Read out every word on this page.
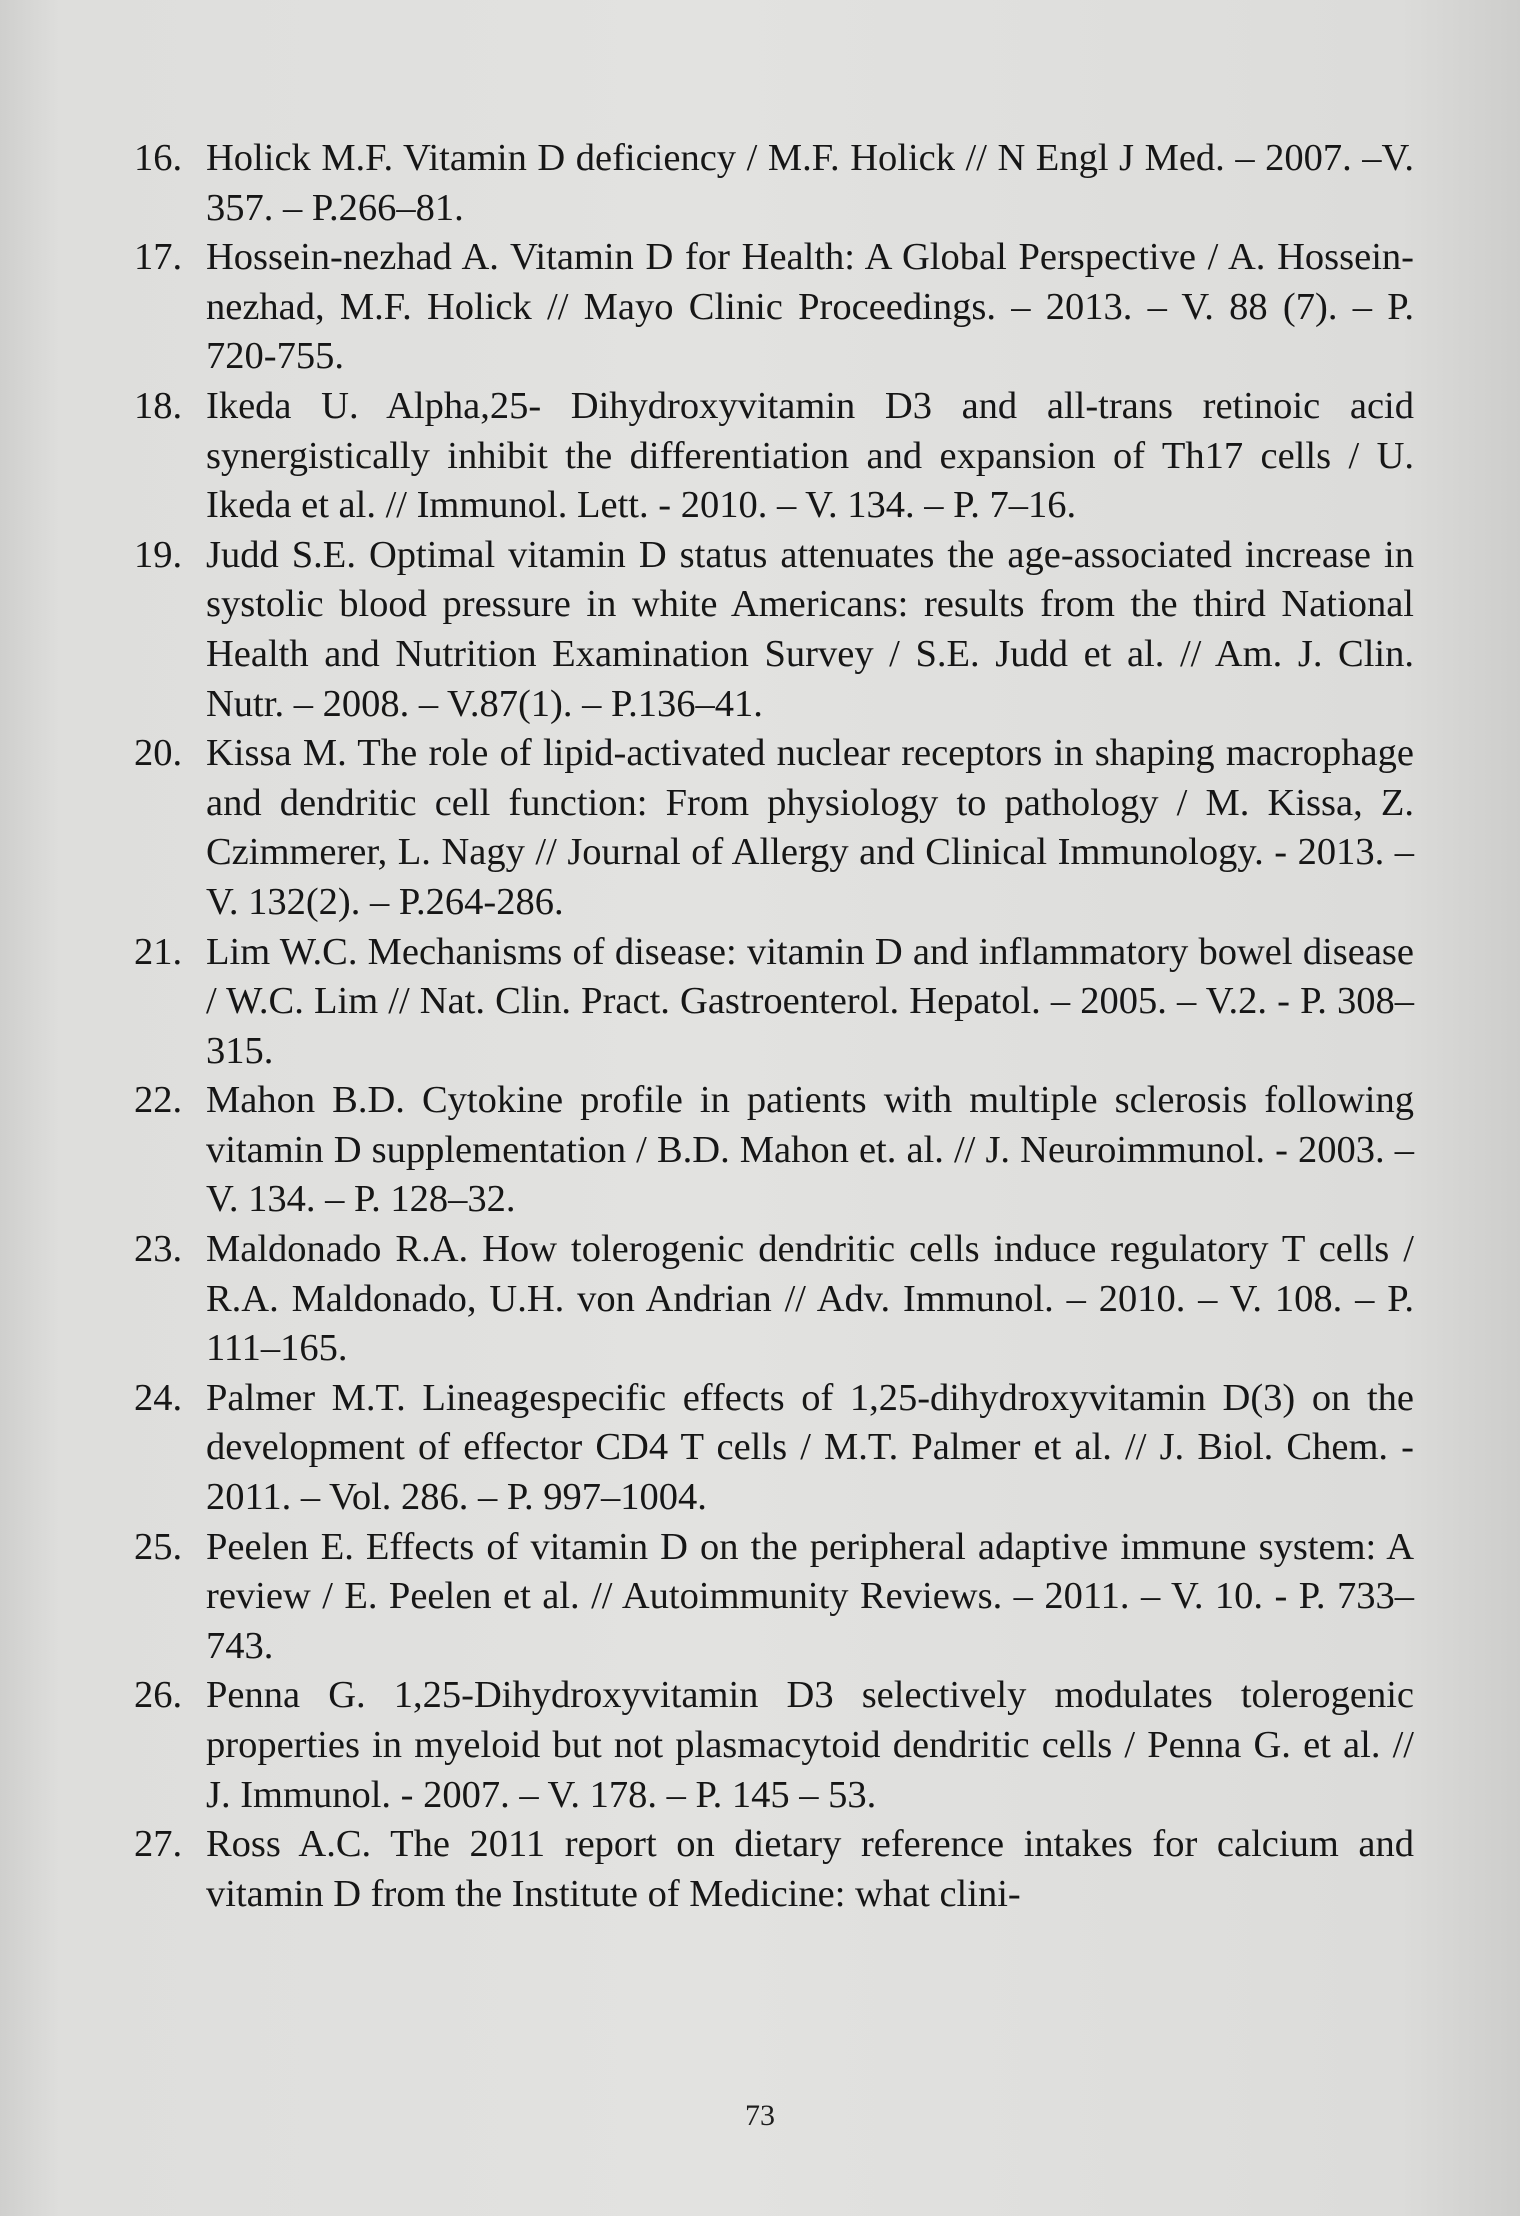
16. Holick M.F. Vitamin D deficiency / M.F. Holick // N Engl J Med. – 2007. –V. 357. – P.266–81.
17. Hossein-nezhad A. Vitamin D for Health: A Global Perspective / A. Hossein-nezhad, M.F. Holick // Mayo Clinic Proceedings. – 2013. – V. 88 (7). – P. 720-755.
18. Ikeda U. Alpha,25- Dihydroxyvitamin D3 and all-trans retinoic acid synergistically inhibit the differentiation and expansion of Th17 cells / U. Ikeda et al. // Immunol. Lett. - 2010. – V. 134. – P. 7–16.
19. Judd S.E. Optimal vitamin D status attenuates the age-associated increase in systolic blood pressure in white Americans: results from the third National Health and Nutrition Examination Survey / S.E. Judd et al. // Am. J. Clin. Nutr. – 2008. – V.87(1). – P.136–41.
20. Kissa M. The role of lipid-activated nuclear receptors in shaping macrophage and dendritic cell function: From physiology to pathology / M. Kissa, Z. Czimmerer, L. Nagy // Journal of Allergy and Clinical Immunology. - 2013. – V. 132(2). – P.264-286.
21. Lim W.C. Mechanisms of disease: vitamin D and inflammatory bowel disease / W.C. Lim // Nat. Clin. Pract. Gastroenterol. Hepatol. – 2005. – V.2. - P. 308–315.
22. Mahon B.D. Cytokine profile in patients with multiple sclerosis following vitamin D supplementation / B.D. Mahon et. al. // J. Neuroimmunol. - 2003. – V. 134. – P. 128–32.
23. Maldonado R.A. How tolerogenic dendritic cells induce regulatory T cells / R.A. Maldonado, U.H. von Andrian // Adv. Immunol. – 2010. – V. 108. – P. 111–165.
24. Palmer M.T. Lineagespecific effects of 1,25-dihydroxyvitamin D(3) on the development of effector CD4 T cells / M.T. Palmer et al. // J. Biol. Chem. - 2011. – Vol. 286. – P. 997–1004.
25. Peelen E. Effects of vitamin D on the peripheral adaptive immune system: A review / E. Peelen et al. // Autoimmunity Reviews. – 2011. – V. 10. - P. 733–743.
26. Penna G. 1,25-Dihydroxyvitamin D3 selectively modulates tolerogenic properties in myeloid but not plasmacytoid dendritic cells / Penna G. et al. // J. Immunol. - 2007. – V. 178. – P. 145 – 53.
27. Ross A.C. The 2011 report on dietary reference intakes for calcium and vitamin D from the Institute of Medicine: what clini-
73
